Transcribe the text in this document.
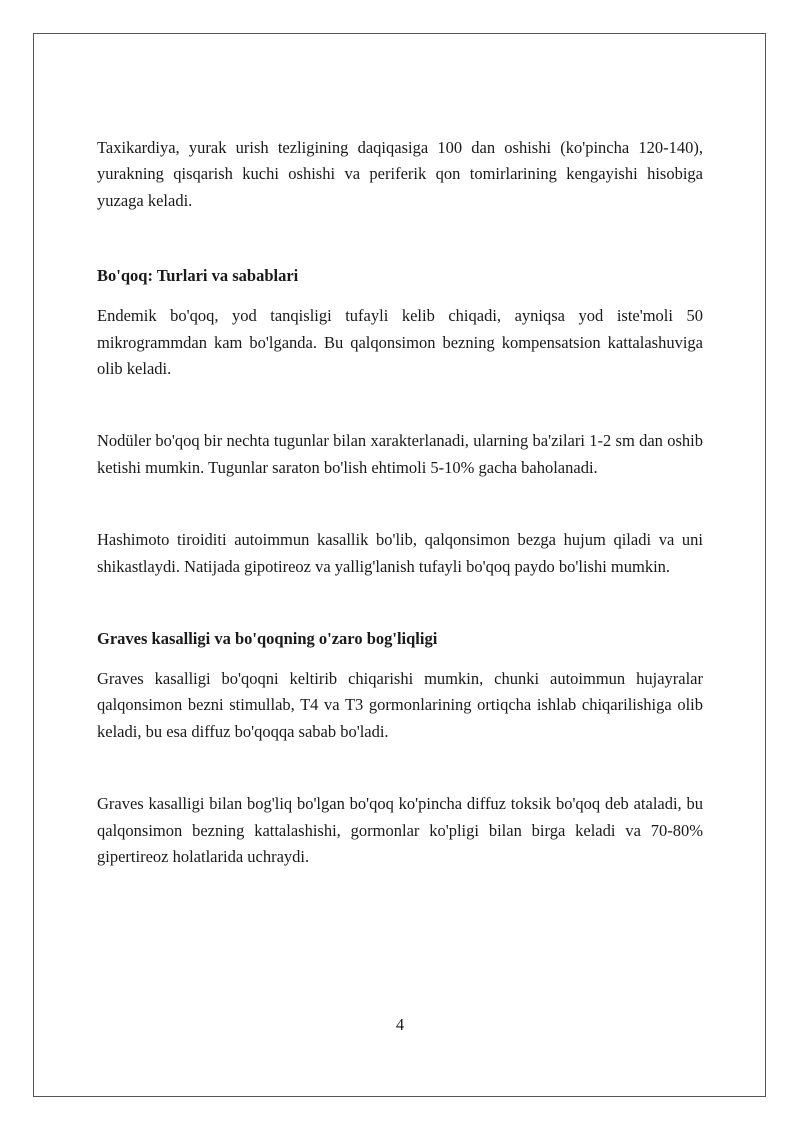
Taxikardiya, yurak urish tezligining daqiqasiga 100 dan oshishi (ko'pincha 120-140), yurakning qisqarish kuchi oshishi va periferik qon tomirlarining kengayishi hisobiga yuzaga keladi.

Bo'qoq: Turlari va sabablari

Endemik bo'qoq, yod tanqisligi tufayli kelib chiqadi, ayniqsa yod iste'moli 50 mikrogrammdan kam bo'lganda. Bu qalqonsimon bezning kompensatsion kattalashuviga olib keladi.

Nodüler bo'qoq bir nechta tugunlar bilan xarakterlanadi, ularning ba'zilari 1-2 sm dan oshib ketishi mumkin. Tugunlar saraton bo'lish ehtimoli 5-10% gacha baholanadi.

Hashimoto tiroiditi autoimmun kasallik bo'lib, qalqonsimon bezga hujum qiladi va uni shikastlaydi. Natijada gipotireoz va yallig'lanish tufayli bo'qoq paydo bo'lishi mumkin.

Graves kasalligi va bo'qoqning o'zaro bog'liqligi

Graves kasalligi bo'qoqni keltirib chiqarishi mumkin, chunki autoimmun hujayralar qalqonsimon bezni stimullab, T4 va T3 gormonlarining ortiqcha ishlab chiqarilishiga olib keladi, bu esa diffuz bo'qoqqa sabab bo'ladi.

Graves kasalligi bilan bog'liq bo'lgan bo'qoq ko'pincha diffuz toksik bo'qoq deb ataladi, bu qalqonsimon bezning kattalashishi, gormonlar ko'pligi bilan birga keladi va 70-80% gipertireoz holatlarida uchraydi.

4
